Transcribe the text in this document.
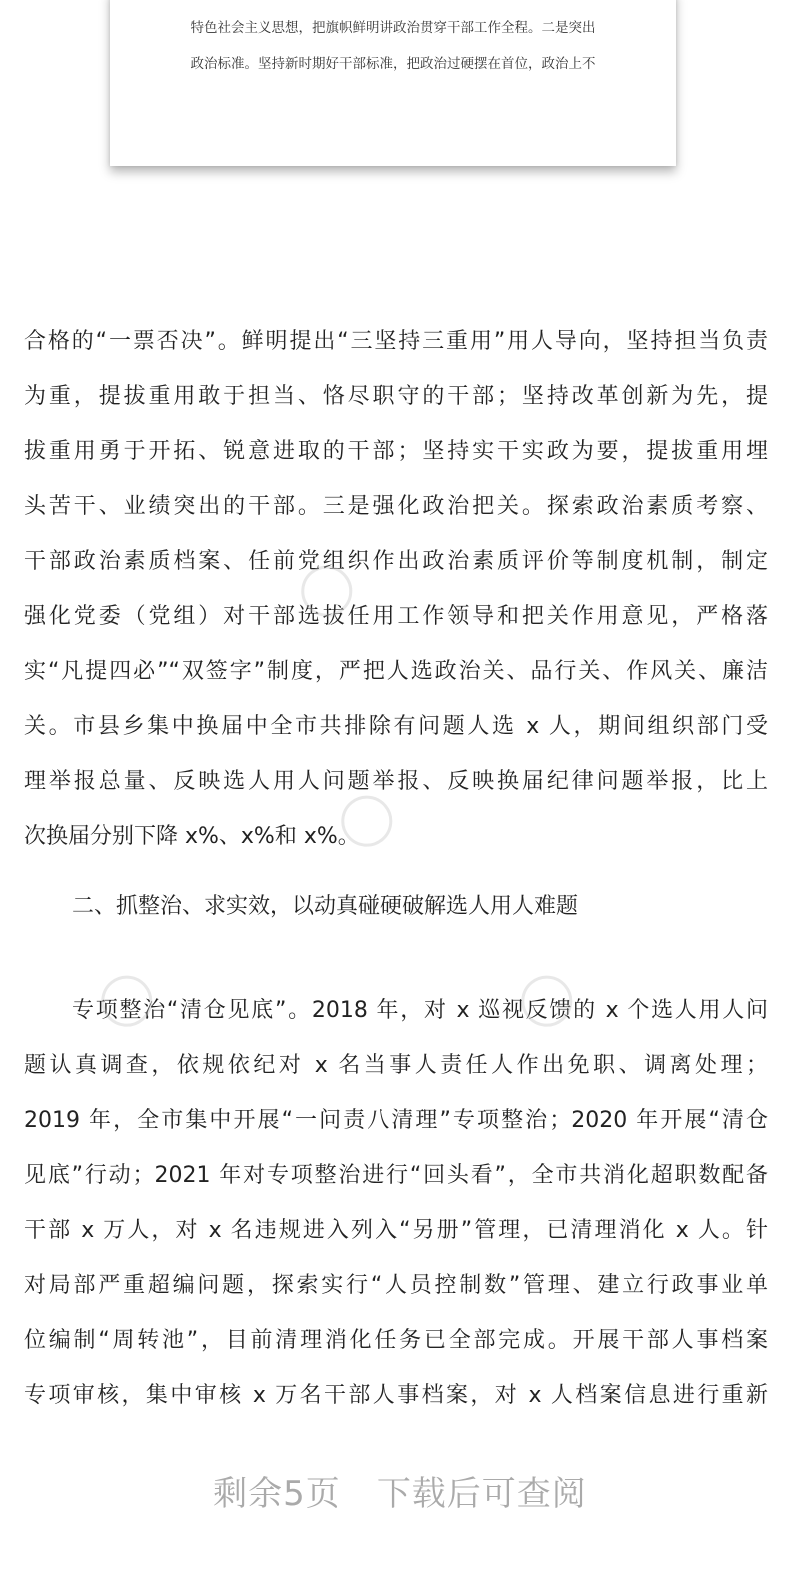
特色社会主义思想，把旗帜鲜明讲政治贯穿干部工作全程。二是突出
政治标准。坚持新时期好干部标准，把政治过硬摆在首位，政治上不
合格的“一票否决”。鲜明提出“三坚持三重用”用人导向，坚持担当负责
为重，提拔重用敢于担当、恪尽职守的干部；坚持改革创新为先，提
拔重用勇于开拓、锐意进取的干部；坚持实干实政为要，提拔重用埋
头苦干、业绩突出的干部。三是强化政治把关。探索政治素质考察、
干部政治素质档案、任前党组织作出政治素质评价等制度机制，制定
强化党委（党组）对干部选拔任用工作领导和把关作用意见，严格落
实“凡提四必”“双签字”制度，严把人选政治关、品行关、作风关、廉洁
关。市县乡集中换届中全市共排除有问题人选 x 人，期间组织部门受
理举报总量、反映选人用人问题举报、反映换届纪律问题举报，比上
次换届分别下降 x%、x%和 x%。
二、抓整治、求实效，以动真碰硬破解选人用人难题
专项整治“清仓见底”。2018 年，对 x 巡视反馈的 x 个选人用人问
题认真调查，依规依纪对 x 名当事人责任人作出免职、调离处理；
2019 年，全市集中开展“一问责八清理”专项整治；2020 年开展“清仓
见底”行动；2021 年对专项整治进行“回头看”，全市共消化超职数配备
干部 x 万人，对 x 名违规进入列入“另册”管理，已清理消化 x 人。针
对局部严重超编问题，探索实行“人员控制数”管理、建立行政事业单
位编制“周转池”，目前清理消化任务已全部完成。开展干部人事档案
专项审核，集中审核 x 万名干部人事档案，对 x 人档案信息进行重新
剩余5页 下载后可查阅
